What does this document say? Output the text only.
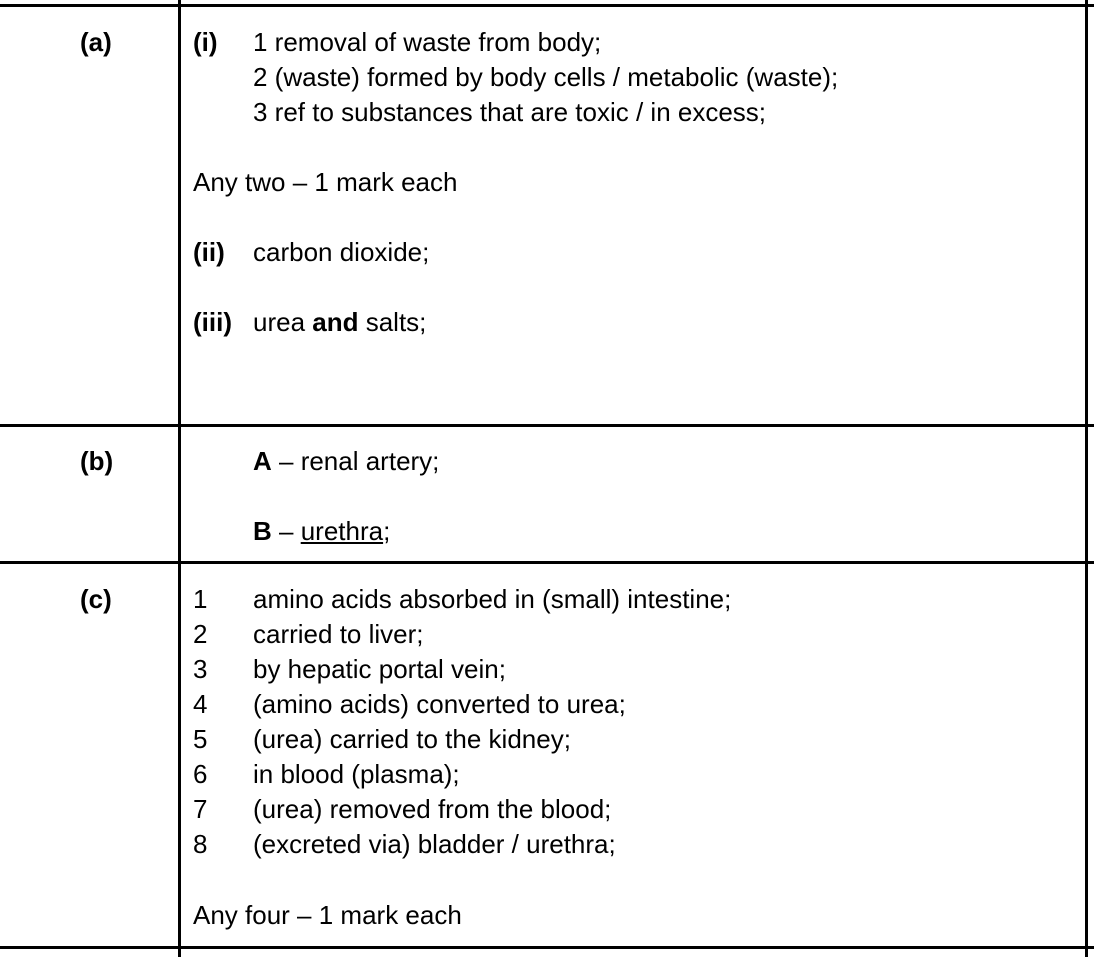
(a)	(i) 1 removal of waste from body;
2 (waste) formed by body cells / metabolic (waste);
3 ref to substances that are toxic / in excess;
Any two – 1 mark each
(ii) carbon dioxide;
(iii) urea and salts;
(b)	A – renal artery;
B – urethra;
(c)	1 amino acids absorbed in (small) intestine;
2 carried to liver;
3 by hepatic portal vein;
4 (amino acids) converted to urea;
5 (urea) carried to the kidney;
6 in blood (plasma);
7 (urea) removed from the blood;
8 (excreted via) bladder / urethra;
Any four – 1 mark each
